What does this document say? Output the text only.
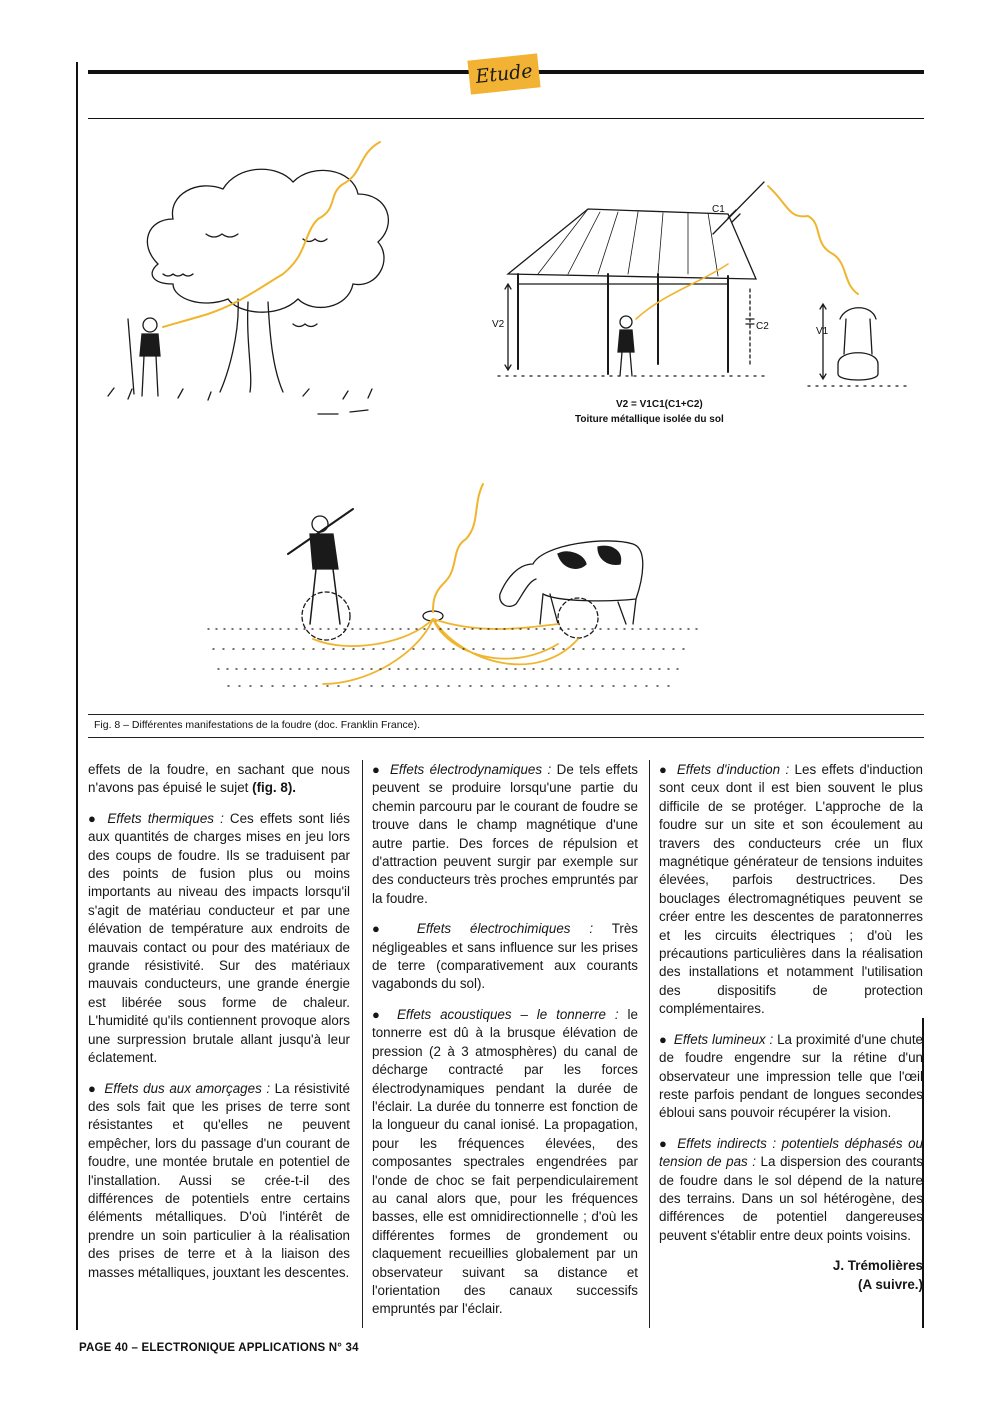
Etude
V2
V1
C1
C2
V2 = V1C1(C1+C2)
Toiture métallique isolée du sol
Fig. 8 – Différentes manifestations de la foudre (doc. Franklin France).

effets de la foudre, en sachant que nous n'avons pas épuisé le sujet (fig. 8).

● Effets thermiques : Ces effets sont liés aux quantités de charges mises en jeu lors des coups de foudre. Ils se traduisent par des points de fusion plus ou moins importants au niveau des impacts lorsqu'il s'agit de matériau conducteur et par une élévation de température aux endroits de mauvais contact ou pour des matériaux de grande résistivité. Sur des matériaux mauvais conducteurs, une grande énergie est libérée sous forme de chaleur. L'humidité qu'ils contiennent provoque alors une surpression brutale allant jusqu'à leur éclatement.

● Effets dus aux amorçages : La résistivité des sols fait que les prises de terre sont résistantes et qu'elles ne peuvent empêcher, lors du passage d'un courant de foudre, une montée brutale en potentiel de l'installation. Aussi se crée-t-il des différences de potentiels entre certains éléments métalliques. D'où l'intérêt de prendre un soin particulier à la réalisation des prises de terre et à la liaison des masses métalliques, jouxtant les descentes.

● Effets électrodynamiques : De tels effets peuvent se produire lorsqu'une partie du chemin parcouru par le courant de foudre se trouve dans le champ magnétique d'une autre partie. Des forces de répulsion et d'attraction peuvent surgir par exemple sur des conducteurs très proches empruntés par la foudre.

● Effets électrochimiques : Très négligeables et sans influence sur les prises de terre (comparativement aux courants vagabonds du sol).

● Effets acoustiques – le tonnerre : le tonnerre est dû à la brusque élévation de pression (2 à 3 atmosphères) du canal de décharge contracté par les forces électrodynamiques pendant la durée de l'éclair. La durée du tonnerre est fonction de la longueur du canal ionisé. La propagation, pour les fréquences élevées, des composantes spectrales engendrées par l'onde de choc se fait perpendiculairement au canal alors que, pour les fréquences basses, elle est omnidirectionnelle ; d'où les différentes formes de grondement ou claquement recueillies globalement par un observateur suivant sa distance et l'orientation des canaux successifs empruntés par l'éclair.

● Effets d'induction : Les effets d'induction sont ceux dont il est bien souvent le plus difficile de se protéger. L'approche de la foudre sur un site et son écoulement au travers des conducteurs crée un flux magnétique générateur de tensions induites élevées, parfois destructrices. Des bouclages électromagnétiques peuvent se créer entre les descentes de paratonnerres et les circuits électriques ; d'où les précautions particulières dans la réalisation des installations et notamment l'utilisation des dispositifs de protection complémentaires.

● Effets lumineux : La proximité d'une chute de foudre engendre sur la rétine d'un observateur une impression telle que l'œil reste parfois pendant de longues secondes ébloui sans pouvoir récupérer la vision.

● Effets indirects : potentiels déphasés ou tension de pas : La dispersion des courants de foudre dans le sol dépend de la nature des terrains. Dans un sol hétérogène, des différences de potentiel dangereuses peuvent s'établir entre deux points voisins.

J. Trémolières
(A suivre.)
PAGE 40 – ELECTRONIQUE APPLICATIONS N° 34
